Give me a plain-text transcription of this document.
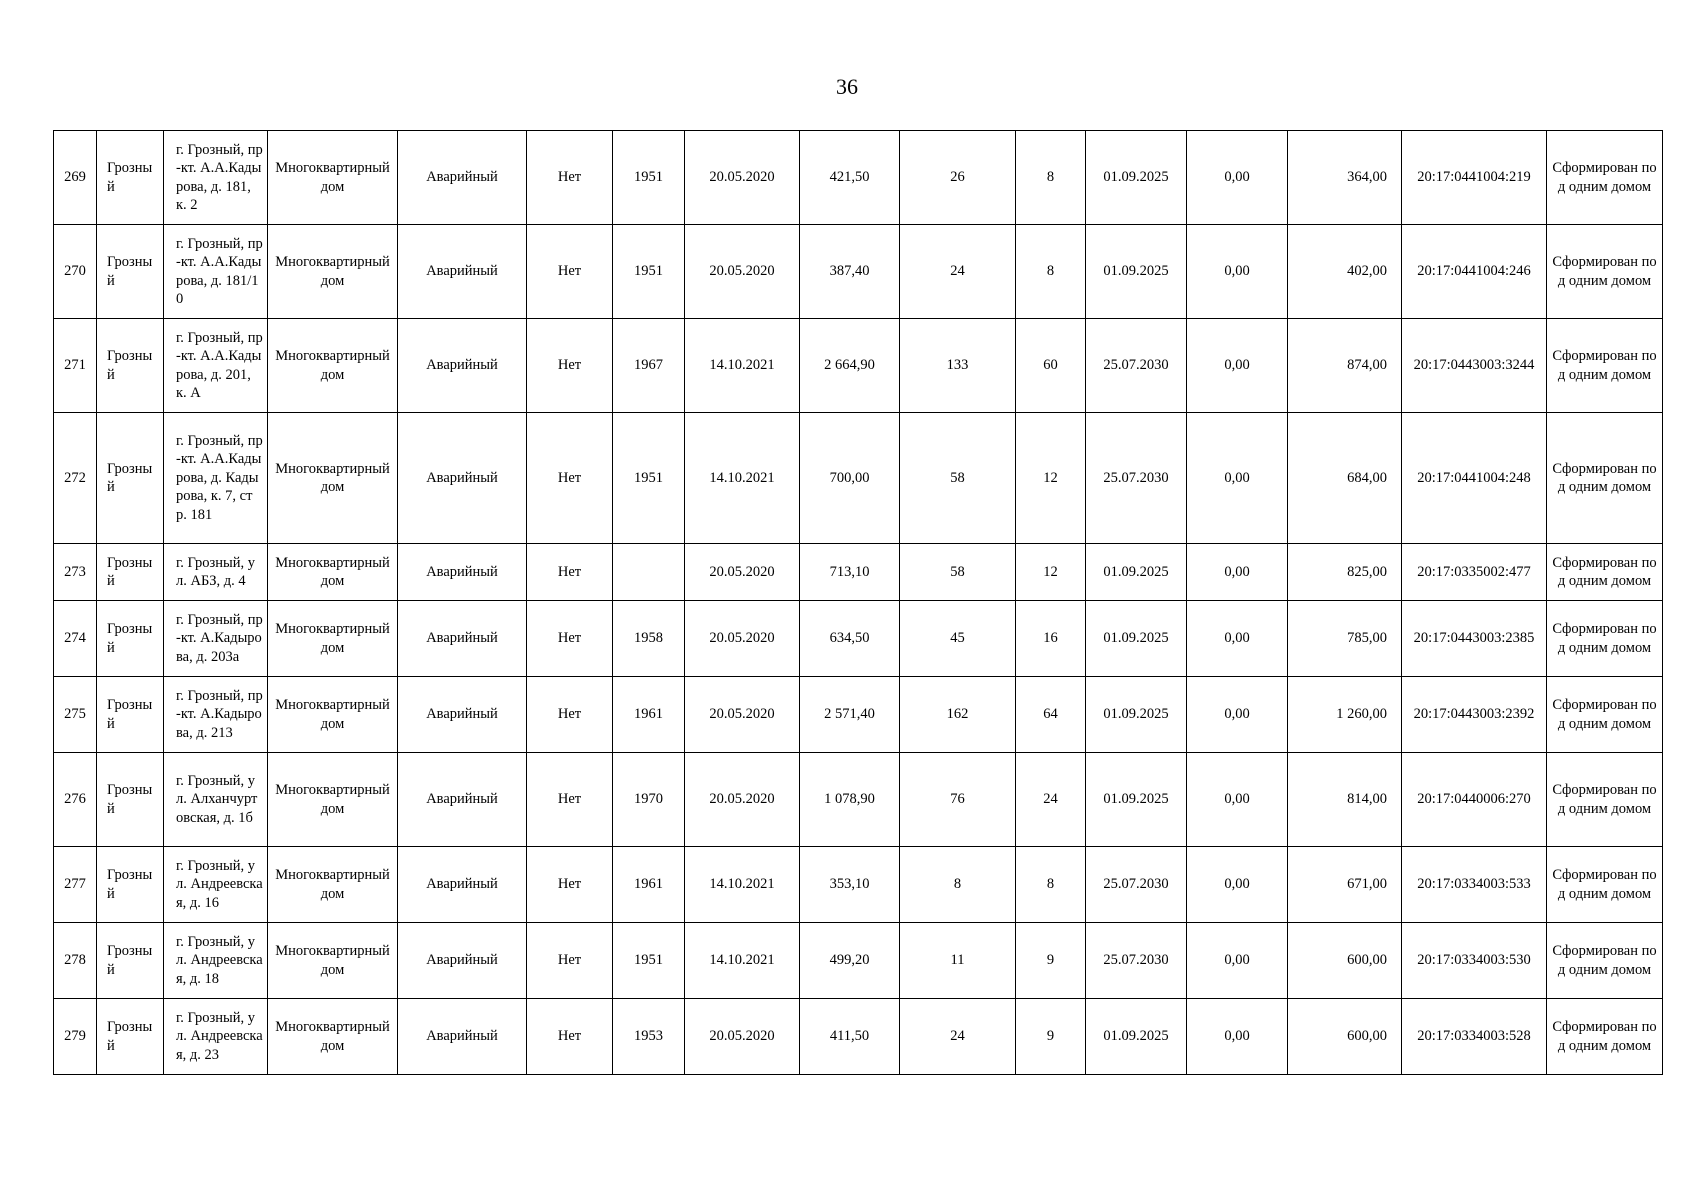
36
269	Грозный	г. Грозный, пр-кт. А.А.Кадырова, д. 181, к. 2	Многоквартирный дом	Аварийный	Нет	1951	20.05.2020	421,50	26	8	01.09.2025	0,00	364,00	20:17:0441004:219	Сформирован под одним домом
270	Грозный	г. Грозный, пр-кт. А.А.Кадырова, д. 181/10	Многоквартирный дом	Аварийный	Нет	1951	20.05.2020	387,40	24	8	01.09.2025	0,00	402,00	20:17:0441004:246	Сформирован под одним домом
271	Грозный	г. Грозный, пр-кт. А.А.Кадырова, д. 201, к. А	Многоквартирный дом	Аварийный	Нет	1967	14.10.2021	2 664,90	133	60	25.07.2030	0,00	874,00	20:17:0443003:3244	Сформирован под одним домом
272	Грозный	г. Грозный, пр-кт. А.А.Кадырова, д. Кадырова, к. 7, стр. 181	Многоквартирный дом	Аварийный	Нет	1951	14.10.2021	700,00	58	12	25.07.2030	0,00	684,00	20:17:0441004:248	Сформирован под одним домом
273	Грозный	г. Грозный, ул. АБЗ, д. 4	Многоквартирный дом	Аварийный	Нет		20.05.2020	713,10	58	12	01.09.2025	0,00	825,00	20:17:0335002:477	Сформирован под одним домом
274	Грозный	г. Грозный, пр-кт. А.Кадырова, д. 203а	Многоквартирный дом	Аварийный	Нет	1958	20.05.2020	634,50	45	16	01.09.2025	0,00	785,00	20:17:0443003:2385	Сформирован под одним домом
275	Грозный	г. Грозный, пр-кт. А.Кадырова, д. 213	Многоквартирный дом	Аварийный	Нет	1961	20.05.2020	2 571,40	162	64	01.09.2025	0,00	1 260,00	20:17:0443003:2392	Сформирован под одним домом
276	Грозный	г. Грозный, ул. Алханчуртовская, д. 1б	Многоквартирный дом	Аварийный	Нет	1970	20.05.2020	1 078,90	76	24	01.09.2025	0,00	814,00	20:17:0440006:270	Сформирован под одним домом
277	Грозный	г. Грозный, ул. Андреевская, д. 16	Многоквартирный дом	Аварийный	Нет	1961	14.10.2021	353,10	8	8	25.07.2030	0,00	671,00	20:17:0334003:533	Сформирован под одним домом
278	Грозный	г. Грозный, ул. Андреевская, д. 18	Многоквартирный дом	Аварийный	Нет	1951	14.10.2021	499,20	11	9	25.07.2030	0,00	600,00	20:17:0334003:530	Сформирован под одним домом
279	Грозный	г. Грозный, ул. Андреевская, д. 23	Многоквартирный дом	Аварийный	Нет	1953	20.05.2020	411,50	24	9	01.09.2025	0,00	600,00	20:17:0334003:528	Сформирован под одним домом
